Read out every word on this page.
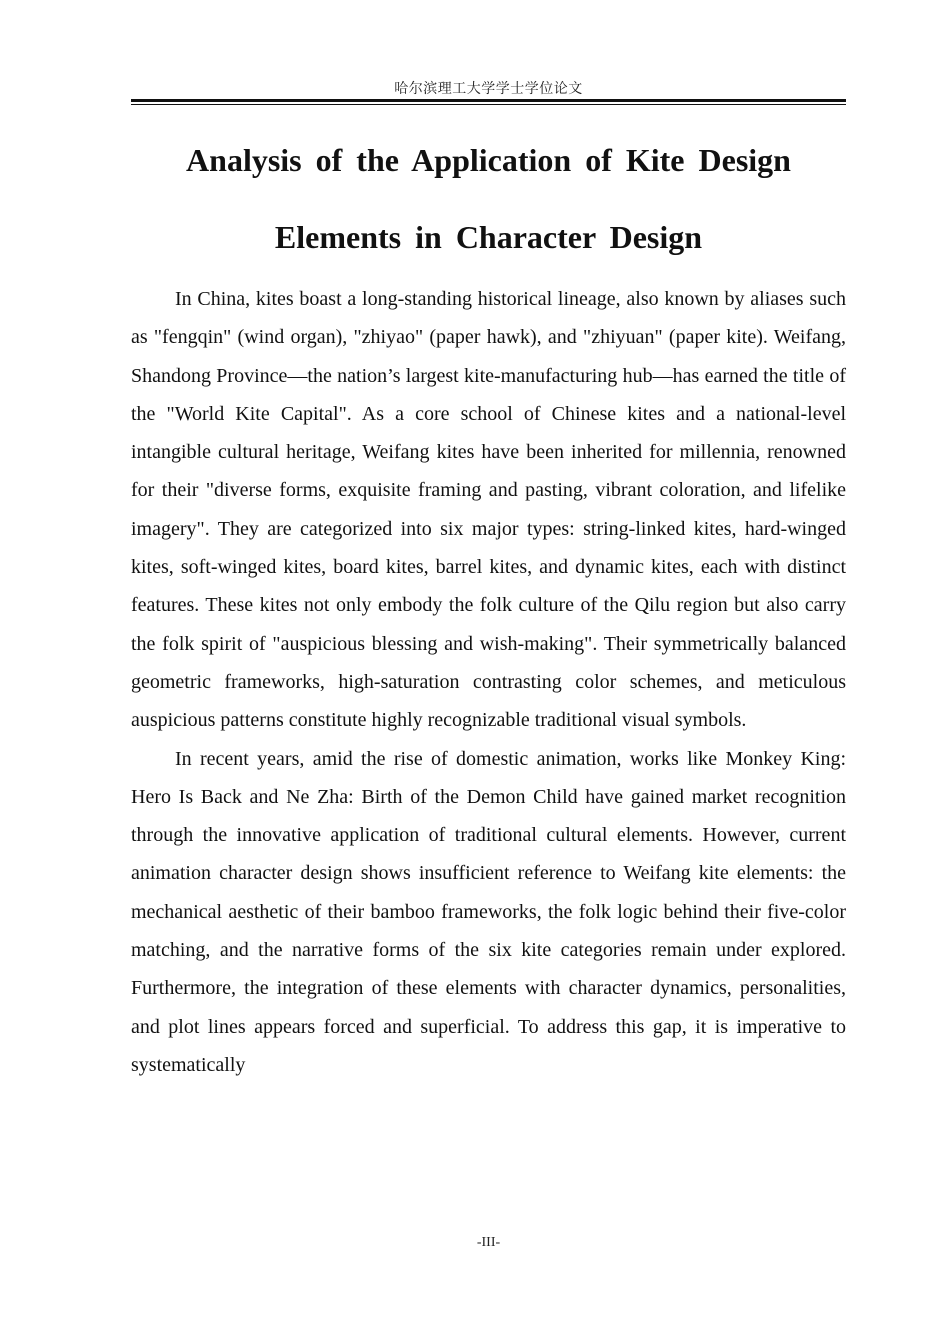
哈尔滨理工大学学士学位论文
Analysis of the Application of Kite Design Elements in Character Design

In China, kites boast a long-standing historical lineage, also known by aliases such as "fengqin" (wind organ), "zhiyao" (paper hawk), and "zhiyuan" (paper kite). Weifang, Shandong Province—the nation’s largest kite-manufacturing hub—has earned the title of the "World Kite Capital". As a core school of Chinese kites and a national-level intangible cultural heritage, Weifang kites have been inherited for millennia, renowned for their "diverse forms, exquisite framing and pasting, vibrant coloration, and lifelike imagery". They are categorized into six major types: string-linked kites, hard-winged kites, soft-winged kites, board kites, barrel kites, and dynamic kites, each with distinct features. These kites not only embody the folk culture of the Qilu region but also carry the folk spirit of "auspicious blessing and wish-making". Their symmetrically balanced geometric frameworks, high-saturation contrasting color schemes, and meticulous auspicious patterns constitute highly recognizable traditional visual symbols.

In recent years, amid the rise of domestic animation, works like Monkey King: Hero Is Back and Ne Zha: Birth of the Demon Child have gained market recognition through the innovative application of traditional cultural elements. However, current animation character design shows insufficient reference to Weifang kite elements: the mechanical aesthetic of their bamboo frameworks, the folk logic behind their five-color matching, and the narrative forms of the six kite categories remain under explored. Furthermore, the integration of these elements with character dynamics, personalities, and plot lines appears forced and superficial. To address this gap, it is imperative to systematically

-III-
